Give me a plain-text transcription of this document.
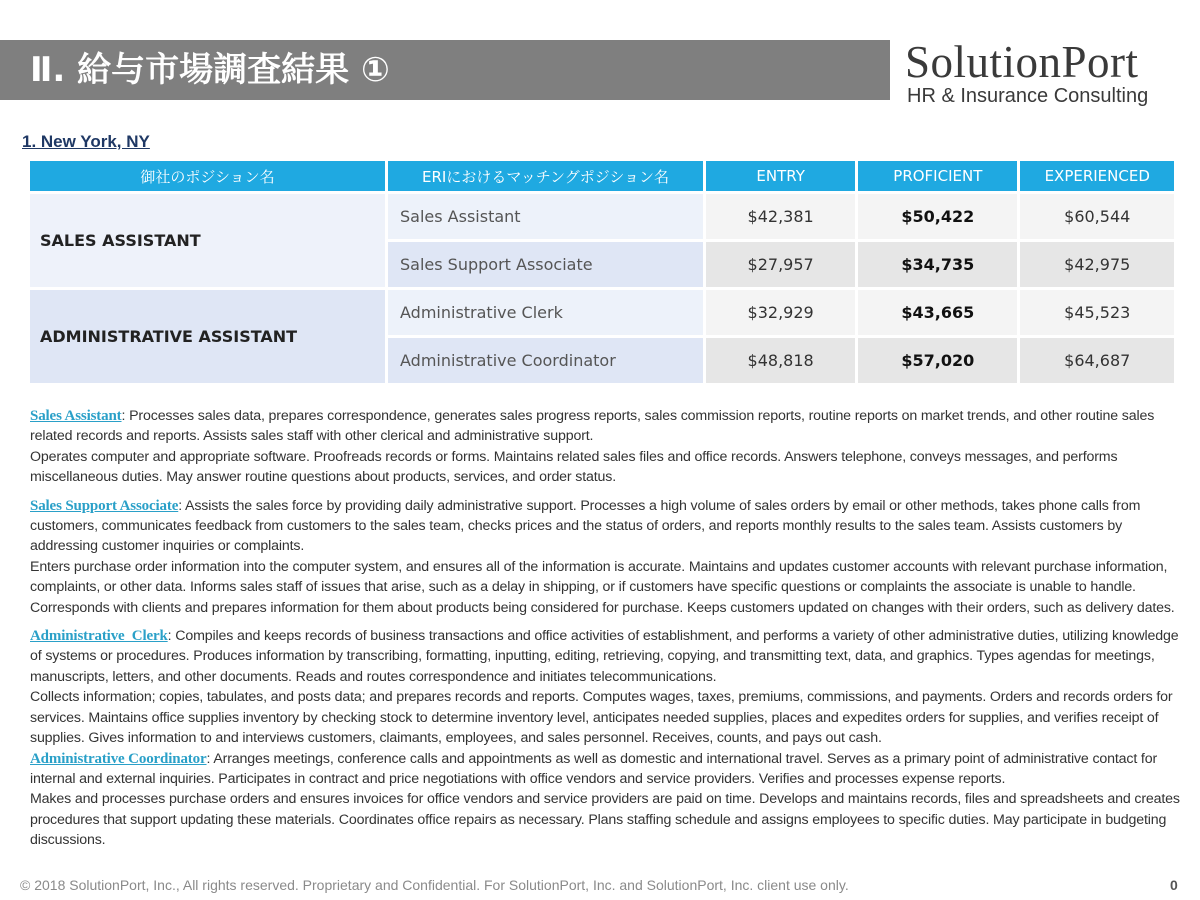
Ⅱ. 給与市場調査結果 ①	SolutionPort
HR & Insurance Consulting
1. New York, NY
御社のポジション名	ERIにおけるマッチングポジション名	ENTRY	PROFICIENT	EXPERIENCED
SALES ASSISTANT	Sales Assistant	$42,381	$50,422	$60,544
	Sales Support Associate	$27,957	$34,735	$42,975
ADMINISTRATIVE ASSISTANT	Administrative Clerk	$32,929	$43,665	$45,523
	Administrative Coordinator	$48,818	$57,020	$64,687

Sales Assistant: Processes sales data, prepares correspondence, generates sales progress reports, sales commission reports, routine reports on market trends, and other routine sales related records and reports. Assists sales staff with other clerical and administrative support.

Operates computer and appropriate software. Proofreads records or forms. Maintains related sales files and office records. Answers telephone, conveys messages, and performs miscellaneous duties. May answer routine questions about products, services, and order status.

Sales Support Associate: Assists the sales force by providing daily administrative support. Processes a high volume of sales orders by email or other methods, takes phone calls from customers, communicates feedback from customers to the sales team, checks prices and the status of orders, and reports monthly results to the sales team. Assists customers by addressing customer inquiries or complaints.

Enters purchase order information into the computer system, and ensures all of the information is accurate. Maintains and updates customer accounts with relevant purchase information, complaints, or other data. Informs sales staff of issues that arise, such as a delay in shipping, or if customers have specific questions or complaints the associate is unable to handle. Corresponds with clients and prepares information for them about products being considered for purchase. Keeps customers updated on changes with their orders, such as delivery dates.

Administrative  Clerk: Compiles and keeps records of business transactions and office activities of establishment, and performs a variety of other administrative duties, utilizing knowledge of systems or procedures. Produces information by transcribing, formatting, inputting, editing, retrieving, copying, and transmitting text, data, and graphics. Types agendas for meetings, manuscripts, letters, and other documents. Reads and routes correspondence and initiates telecommunications.

Collects information; copies, tabulates, and posts data; and prepares records and reports. Computes wages, taxes, premiums, commissions, and payments. Orders and records orders for services. Maintains office supplies inventory by checking stock to determine inventory level, anticipates needed supplies, places and expedites orders for supplies, and verifies receipt of supplies. Gives information to and interviews customers, claimants, employees, and sales personnel. Receives, counts, and pays out cash.

Administrative Coordinator: Arranges meetings, conference calls and appointments as well as domestic and international travel. Serves as a primary point of administrative contact for internal and external inquiries. Participates in contract and price negotiations with office vendors and service providers. Verifies and processes expense reports.

Makes and processes purchase orders and ensures invoices for office vendors and service providers are paid on time. Develops and maintains records, files and spreadsheets and creates procedures that support updating these materials. Coordinates office repairs as necessary. Plans staffing schedule and assigns employees to specific duties. May participate in budgeting discussions.

© 2018 SolutionPort, Inc., All rights reserved. Proprietary and Confidential. For SolutionPort, Inc. and SolutionPort, Inc. client use only.	0
